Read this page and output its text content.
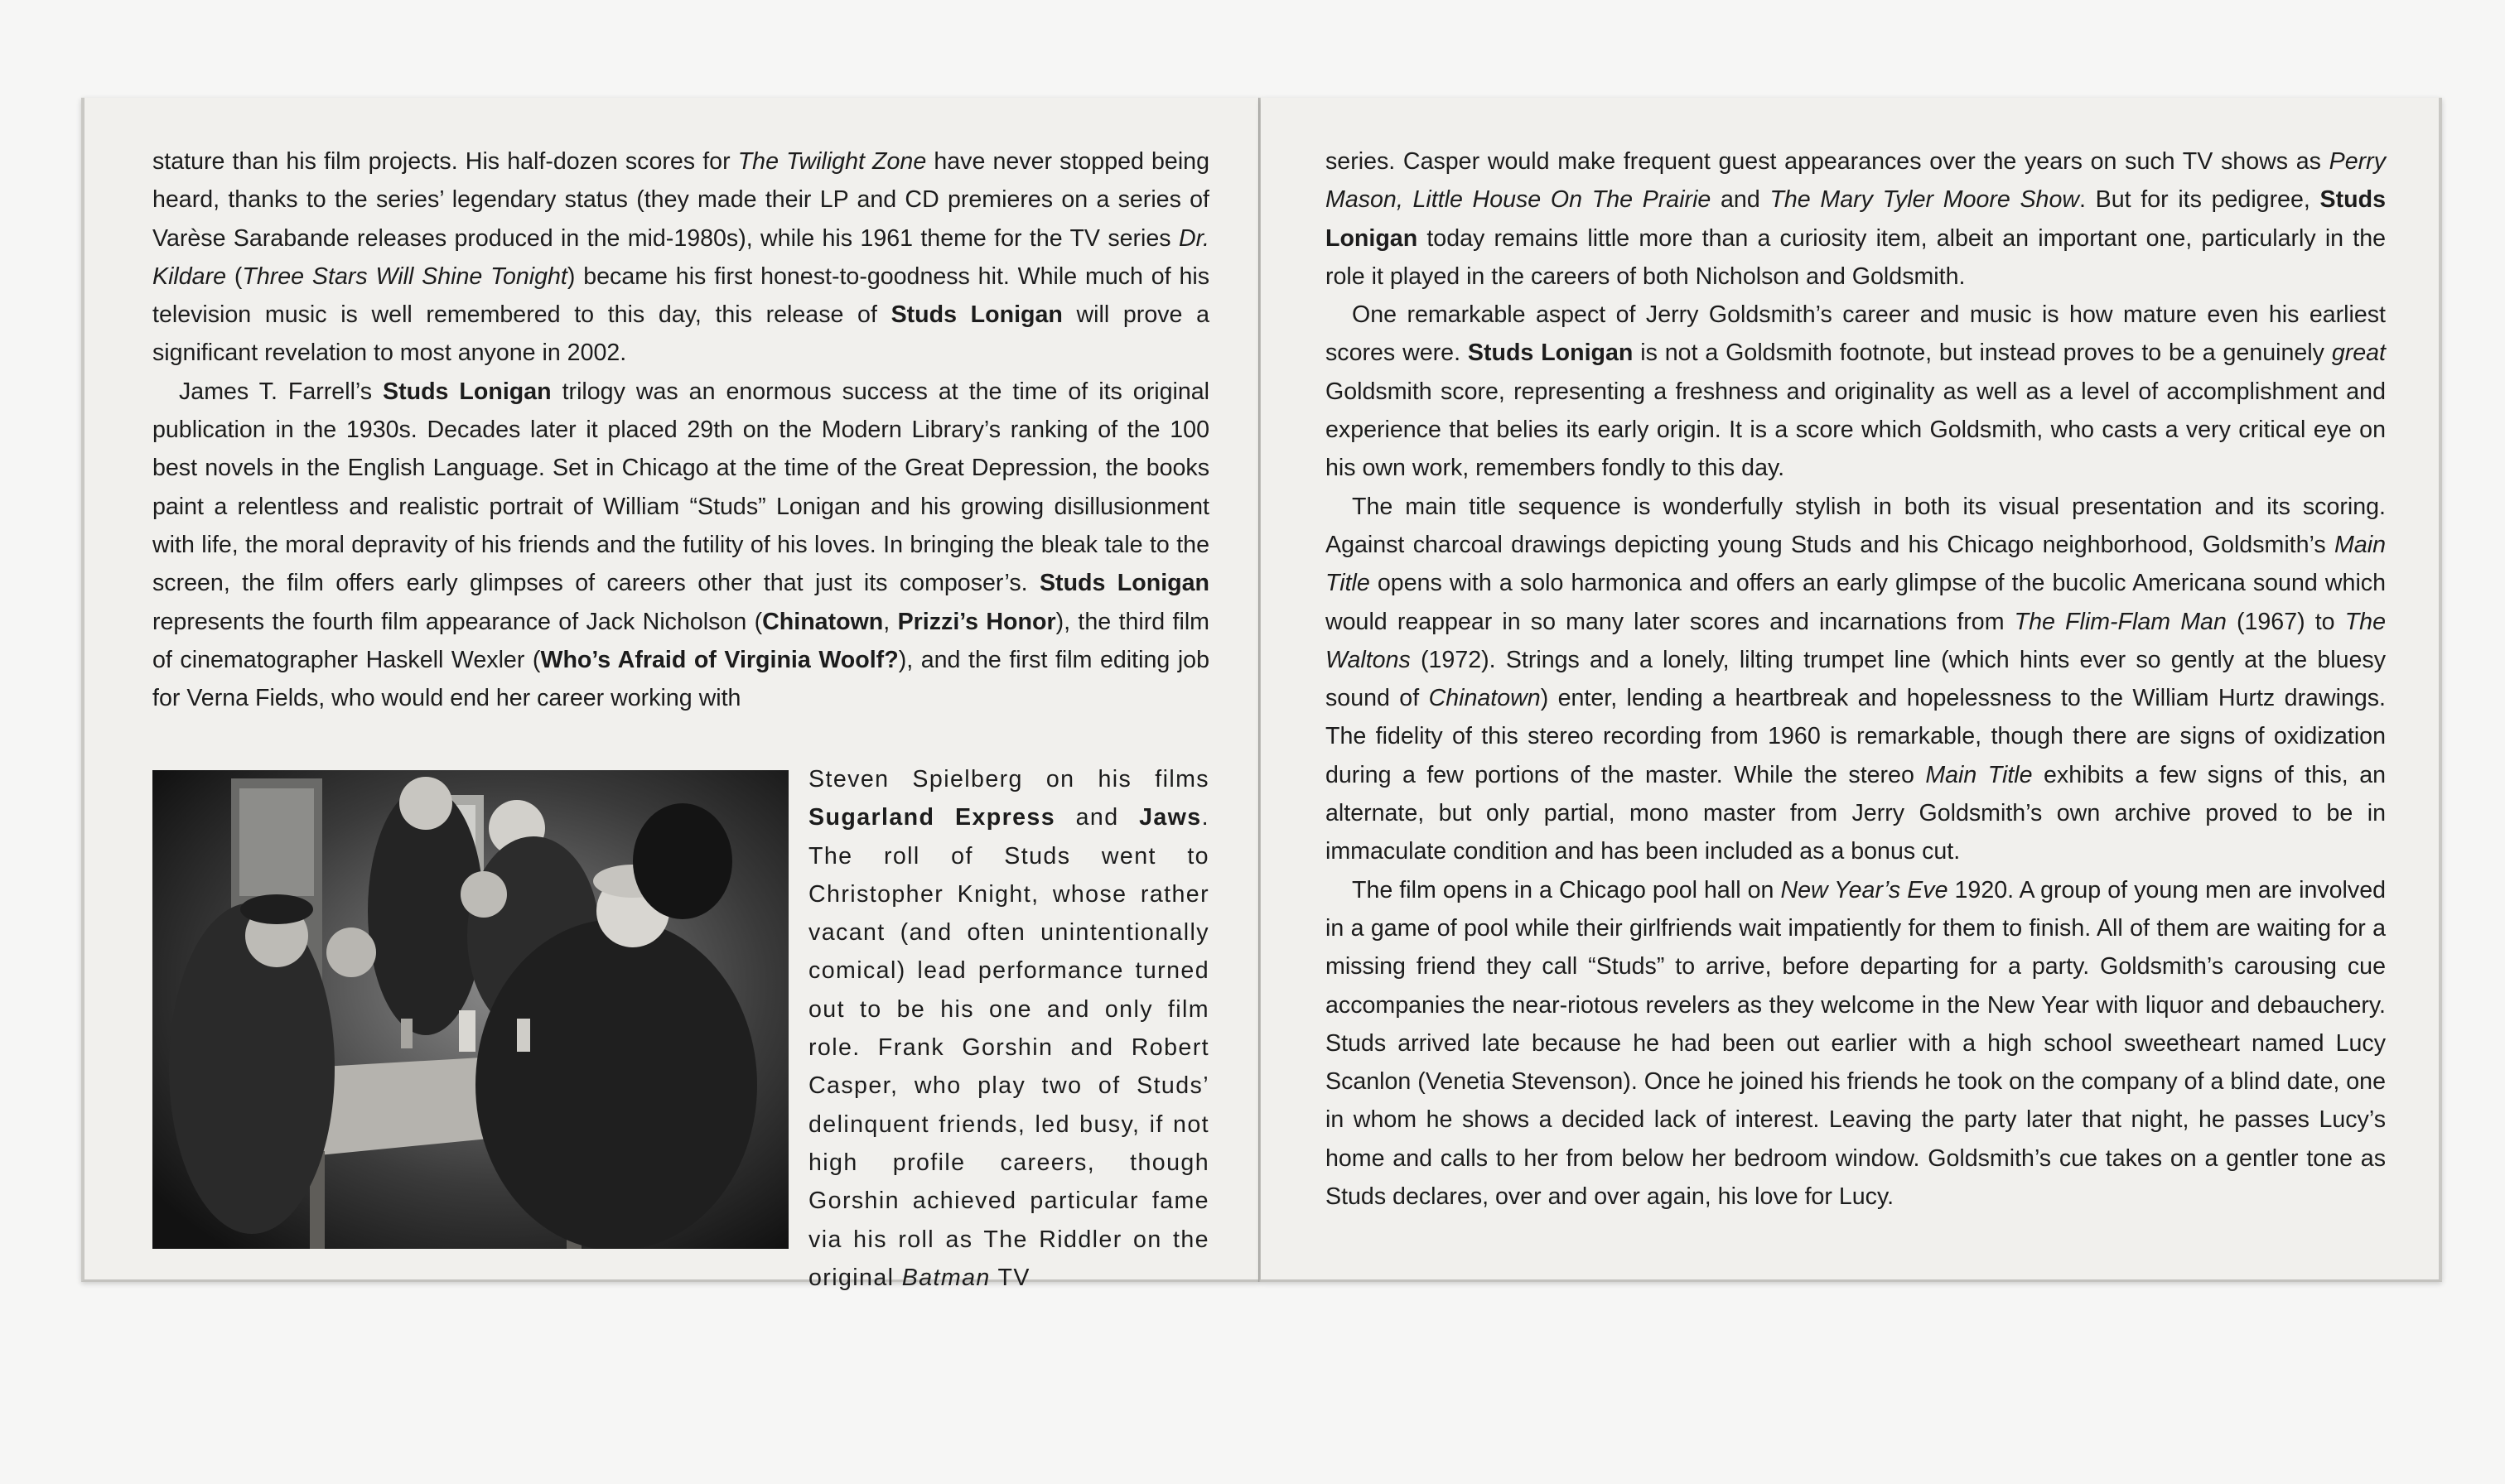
stature than his film projects. His half-dozen scores for The Twilight Zone have never stopped being heard, thanks to the series’ legendary status (they made their LP and CD premieres on a series of Varèse Sarabande releases produced in the mid-1980s), while his 1961 theme for the TV series Dr. Kildare (Three Stars Will Shine Tonight) became his first honest-to-goodness hit. While much of his television music is well remembered to this day, this release of Studs Lonigan will prove a significant revelation to most anyone in 2002.

James T. Farrell’s Studs Lonigan trilogy was an enormous success at the time of its original publication in the 1930s. Decades later it placed 29th on the Modern Library’s ranking of the 100 best novels in the English Language. Set in Chicago at the time of the Great Depression, the books paint a relentless and realistic portrait of William “Studs” Lonigan and his growing disillusionment with life, the moral depravity of his friends and the futility of his loves. In bringing the bleak tale to the screen, the film offers early glimpses of careers other that just its composer’s. Studs Lonigan represents the fourth film appearance of Jack Nicholson (Chinatown, Prizzi’s Honor), the third film of cinematographer Haskell Wexler (Who’s Afraid of Virginia Woolf?), and the first film editing job for Verna Fields, who would end her career working with

Steven Spielberg on his films Sugarland Express and Jaws. The roll of Studs went to Christopher Knight, whose rather vacant (and often unintentionally comical) lead performance turned out to be his one and only film role. Frank Gorshin and Robert Casper, who play two of Studs’ delinquent friends, led busy, if not high profile careers, though Gorshin achieved particular fame via his roll as The Riddler on the original Batman TV

series. Casper would make frequent guest appearances over the years on such TV shows as Perry Mason, Little House On The Prairie and The Mary Tyler Moore Show. But for its pedigree, Studs Lonigan today remains little more than a curiosity item, albeit an important one, particularly in the role it played in the careers of both Nicholson and Goldsmith.

One remarkable aspect of Jerry Goldsmith’s career and music is how mature even his earliest scores were. Studs Lonigan is not a Goldsmith footnote, but instead proves to be a genuinely great Goldsmith score, representing a freshness and originality as well as a level of accomplishment and experience that belies its early origin. It is a score which Goldsmith, who casts a very critical eye on his own work, remembers fondly to this day.

The main title sequence is wonderfully stylish in both its visual presentation and its scoring. Against charcoal drawings depicting young Studs and his Chicago neighborhood, Goldsmith’s Main Title opens with a solo harmonica and offers an early glimpse of the bucolic Americana sound which would reappear in so many later scores and incarnations from The Flim-Flam Man (1967) to The Waltons (1972). Strings and a lonely, lilting trumpet line (which hints ever so gently at the bluesy sound of Chinatown) enter, lending a heartbreak and hopelessness to the William Hurtz drawings. The fidelity of this stereo recording from 1960 is remarkable, though there are signs of oxidization during a few portions of the master. While the stereo Main Title exhibits a few signs of this, an alternate, but only partial, mono master from Jerry Goldsmith’s own archive proved to be in immaculate condition and has been included as a bonus cut.

The film opens in a Chicago pool hall on New Year’s Eve 1920. A group of young men are involved in a game of pool while their girlfriends wait impatiently for them to finish. All of them are waiting for a missing friend they call “Studs” to arrive, before departing for a party. Goldsmith’s carousing cue accompanies the near-riotous revelers as they welcome in the New Year with liquor and debauchery. Studs arrived late because he had been out earlier with a high school sweetheart named Lucy Scanlon (Venetia Stevenson). Once he joined his friends he took on the company of a blind date, one in whom he shows a decided lack of interest. Leaving the party later that night, he passes Lucy’s home and calls to her from below her bedroom window. Goldsmith’s cue takes on a gentler tone as Studs declares, over and over again, his love for Lucy.
